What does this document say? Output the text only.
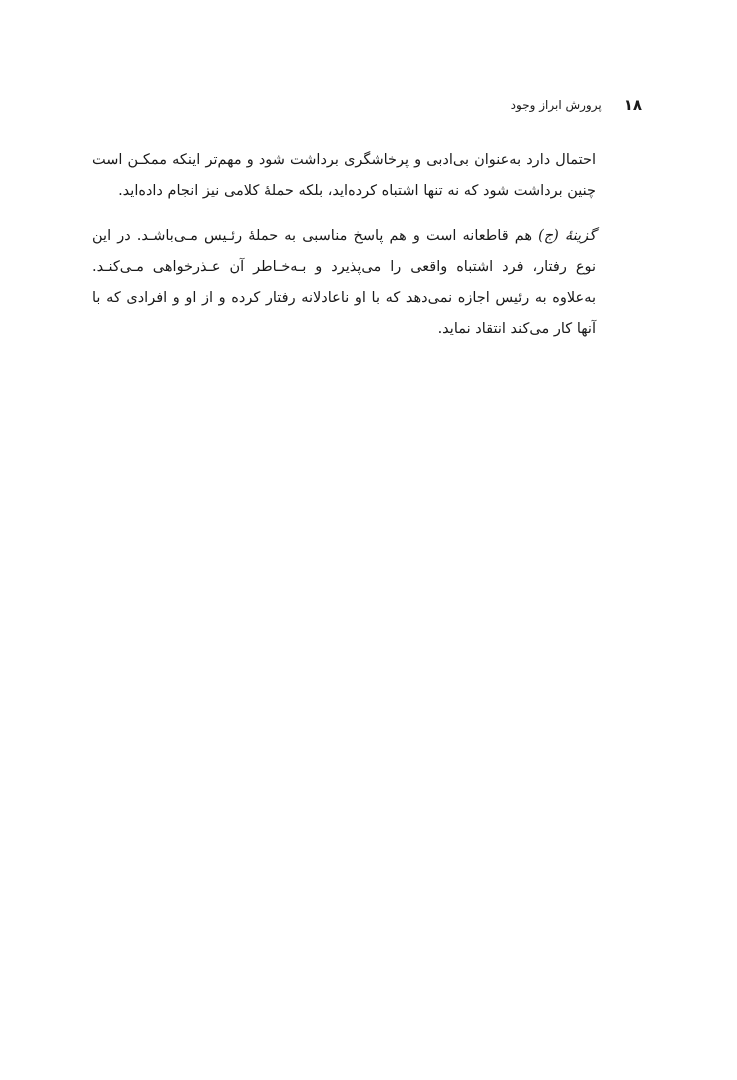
۱۸
پرورش ابراز وجود

احتمال دارد به‌عنوان بی‌ادبی و پرخاشگری برداشت شود و مهم‌تر اینکه ممکـن است چنین برداشت شود که نه تنها اشتباه کرده‌اید، بلکه حملهٔ کلامی نیز انجام داده‌اید.

گزینهٔ (ج) هم قاطعانه است و هم پاسخ مناسبی به حملهٔ رئـیس مـی‌باشـد. در این نوع رفتار، فرد اشتباه واقعی را می‌پذیرد و بـه‌خـاطر آن عـذرخواهی مـی‌کنـد. به‌علاوه به رئیس اجازه نمی‌دهد که با او ناعادلانه رفتار کرده و از او و افرادی که با آنها کار می‌کند انتقاد نماید.
